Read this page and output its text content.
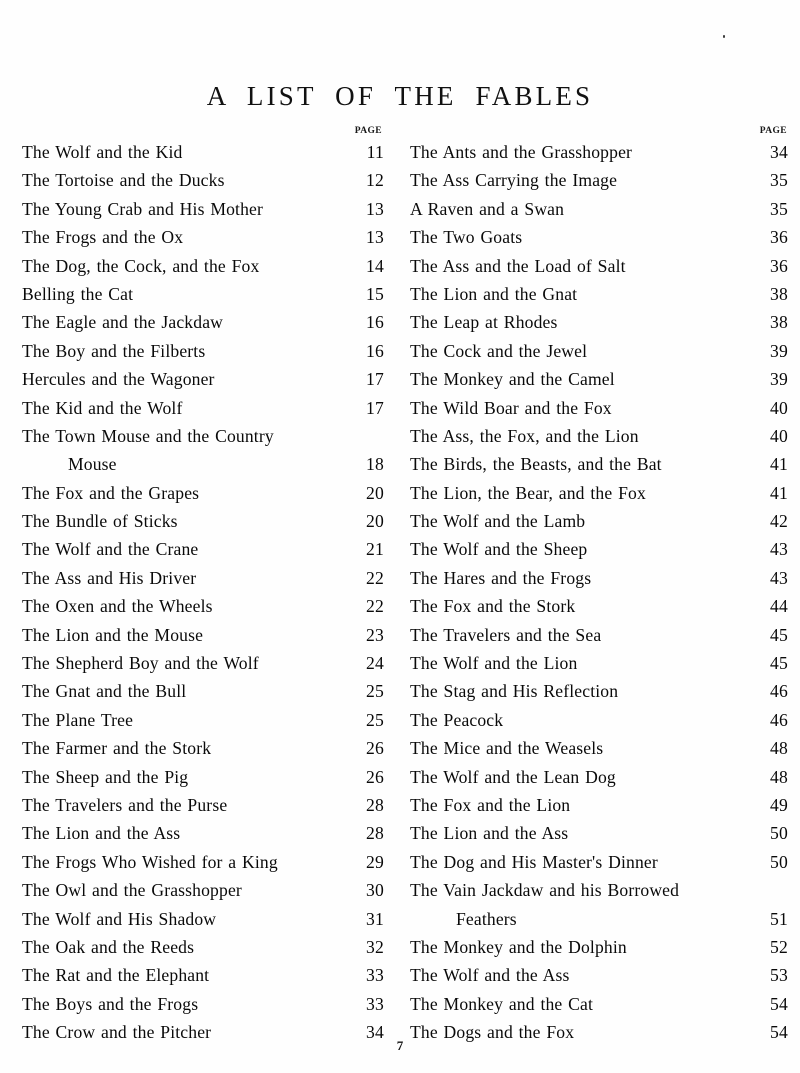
A LIST OF THE FABLES
PAGE
The Wolf and the Kid . . .	11
The Tortoise and the Ducks . . .	12
The Young Crab and His Mother . . .	13
The Frogs and the Ox . . .	13
The Dog, the Cock, and the Fox . . .	14
Belling the Cat . . .	15
The Eagle and the Jackdaw . . .	16
The Boy and the Filberts . . .	16
Hercules and the Wagoner . . .	17
The Kid and the Wolf . . .	17
The Town Mouse and the Country
Mouse . . .	18
The Fox and the Grapes . . .	20
The Bundle of Sticks . . .	20
The Wolf and the Crane . . .	21
The Ass and His Driver . . .	22
The Oxen and the Wheels . . .	22
The Lion and the Mouse . . .	23
The Shepherd Boy and the Wolf . . .	24
The Gnat and the Bull . . .	25
The Plane Tree . . .	25
The Farmer and the Stork . . .	26
The Sheep and the Pig . . .	26
The Travelers and the Purse . . .	28
The Lion and the Ass . . .	28
The Frogs Who Wished for a King . . .	29
The Owl and the Grasshopper . . .	30
The Wolf and His Shadow . . .	31
The Oak and the Reeds . . .	32
The Rat and the Elephant . . .	33
The Boys and the Frogs . . .	33
The Crow and the Pitcher . . .	34
PAGE
The Ants and the Grasshopper . . .	34
The Ass Carrying the Image . . .	35
A Raven and a Swan . . .	35
The Two Goats . . .	36
The Ass and the Load of Salt . . .	36
The Lion and the Gnat . . .	38
The Leap at Rhodes . . .	38
The Cock and the Jewel . . .	39
The Monkey and the Camel . . .	39
The Wild Boar and the Fox . . .	40
The Ass, the Fox, and the Lion . . .	40
The Birds, the Beasts, and the Bat . . .	41
The Lion, the Bear, and the Fox . . .	41
The Wolf and the Lamb . . .	42
The Wolf and the Sheep . . .	43
The Hares and the Frogs . . .	43
The Fox and the Stork . . .	44
The Travelers and the Sea . . .	45
The Wolf and the Lion . . .	45
The Stag and His Reflection . . .	46
The Peacock . . .	46
The Mice and the Weasels . . .	48
The Wolf and the Lean Dog . . .	48
The Fox and the Lion . . .	49
The Lion and the Ass . . .	50
The Dog and His Master's Dinner . . .	50
The Vain Jackdaw and his Borrowed
Feathers . . .	51
The Monkey and the Dolphin . . .	52
The Wolf and the Ass . . .	53
The Monkey and the Cat . . .	54
The Dogs and the Fox . . .	54
7
